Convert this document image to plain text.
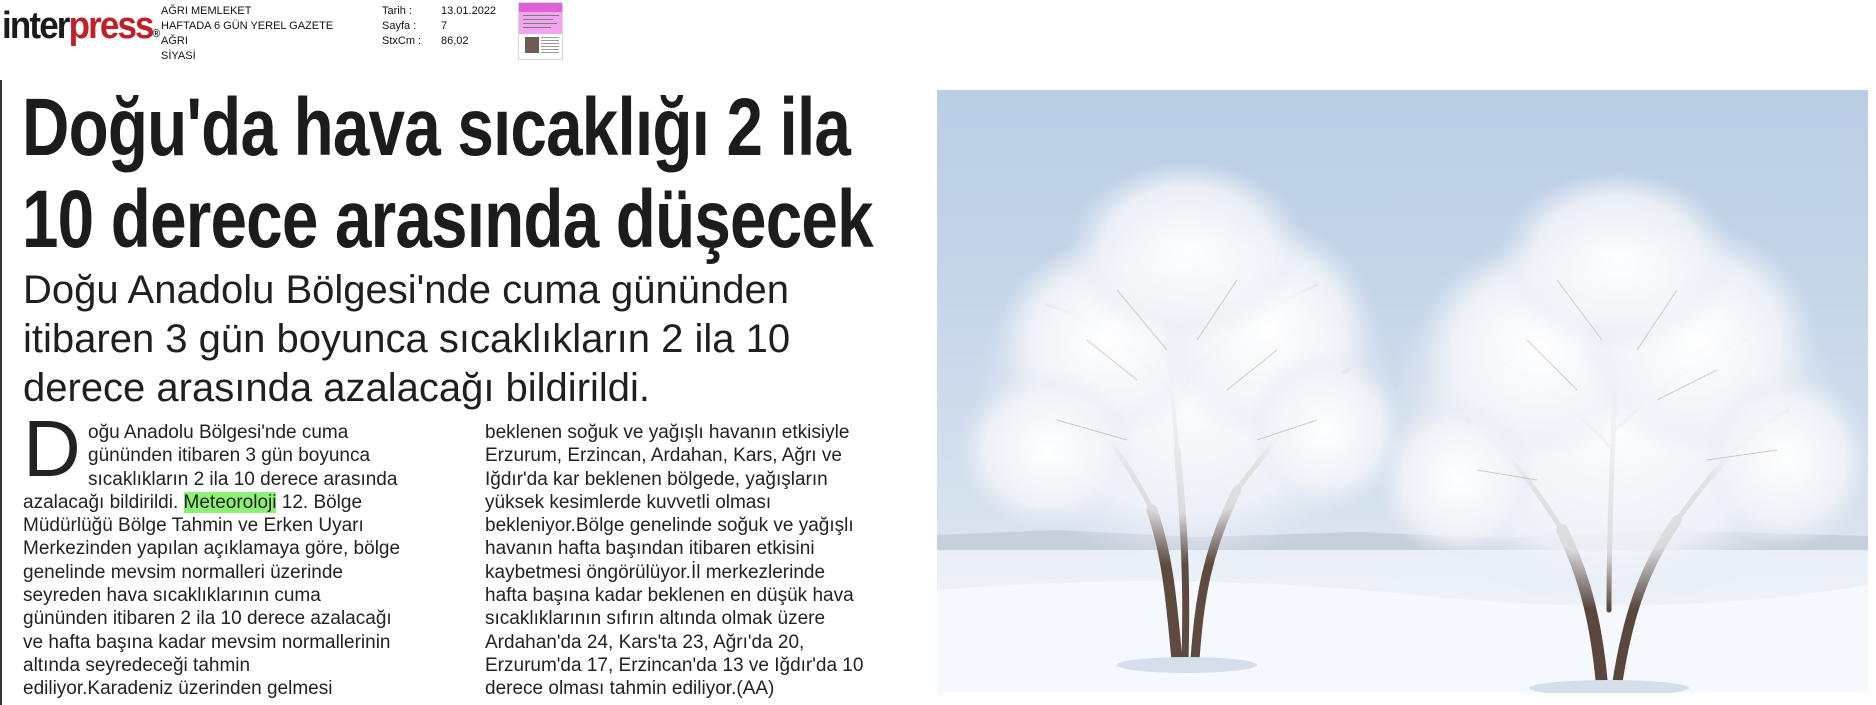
interpress®
AĞRI MEMLEKET
HAFTADA 6 GÜN YEREL GAZETE
AĞRI
SİYASİ
Tarih :
Sayfa :
StxCm :
13.01.2022
7
86,02
Doğu'da hava sıcaklığı 2 ila
10 derece arasında düşecek
Doğu Anadolu Bölgesi'nde cuma gününden
itibaren 3 gün boyunca sıcaklıkların 2 ila 10
derece arasında azalacağı bildirildi.
D oğu Anadolu Bölgesi'nde cuma
gününden itibaren 3 gün boyunca
sıcaklıkların 2 ila 10 derece arasında
azalacağı bildirildi. Meteoroloji 12. Bölge
Müdürlüğü Bölge Tahmin ve Erken Uyarı
Merkezinden yapılan açıklamaya göre, bölge
genelinde mevsim normalleri üzerinde
seyreden hava sıcaklıklarının cuma
gününden itibaren 2 ila 10 derece azalacağı
ve hafta başına kadar mevsim normallerinin
altında seyredeceği tahmin
ediliyor.Karadeniz üzerinden gelmesi
beklenen soğuk ve yağışlı havanın etkisiyle
Erzurum, Erzincan, Ardahan, Kars, Ağrı ve
Iğdır'da kar beklenen bölgede, yağışların
yüksek kesimlerde kuvvetli olması
bekleniyor.Bölge genelinde soğuk ve yağışlı
havanın hafta başından itibaren etkisini
kaybetmesi öngörülüyor.İl merkezlerinde
hafta başına kadar beklenen en düşük hava
sıcaklıklarının sıfırın altında olmak üzere
Ardahan'da 24, Kars'ta 23, Ağrı'da 20,
Erzurum'da 17, Erzincan'da 13 ve Iğdır'da 10
derece olması tahmin ediliyor.(AA)
